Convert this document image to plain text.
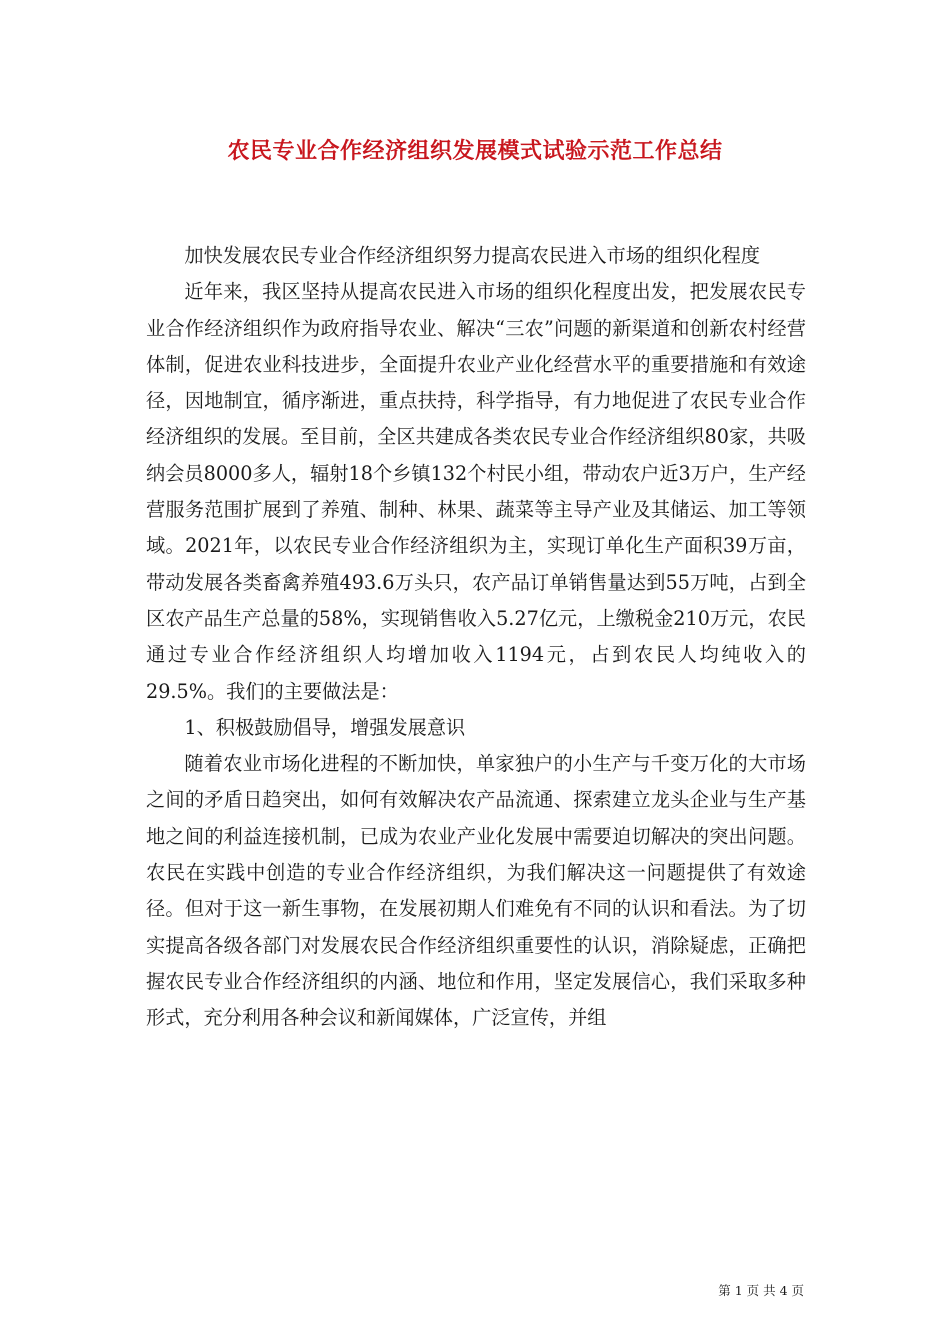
农民专业合作经济组织发展模式试验示范工作总结

加快发展农民专业合作经济组织努力提高农民进入市场的组织化程度

近年来，我区坚持从提高农民进入市场的组织化程度出发，把发展农民专业合作经济组织作为政府指导农业、解决“三农”问题的新渠道和创新农村经营体制，促进农业科技进步，全面提升农业产业化经营水平的重要措施和有效途径，因地制宜，循序渐进，重点扶持，科学指导，有力地促进了农民专业合作经济组织的发展。至目前，全区共建成各类农民专业合作经济组织80家，共吸纳会员8000多人，辐射18个乡镇132个村民小组，带动农户近3万户，生产经营服务范围扩展到了养殖、制种、林果、蔬菜等主导产业及其储运、加工等领域。2021年，以农民专业合作经济组织为主，实现订单化生产面积39万亩，带动发展各类畜禽养殖493.6万头只，农产品订单销售量达到55万吨，占到全区农产品生产总量的58%，实现销售收入5.27亿元，上缴税金210万元，农民通过专业合作经济组织人均增加收入1194元，占到农民人均纯收入的29.5%。我们的主要做法是：

1、积极鼓励倡导，增强发展意识

随着农业市场化进程的不断加快，单家独户的小生产与千变万化的大市场之间的矛盾日趋突出，如何有效解决农产品流通、探索建立龙头企业与生产基地之间的利益连接机制，已成为农业产业化发展中需要迫切解决的突出问题。农民在实践中创造的专业合作经济组织，为我们解决这一问题提供了有效途径。但对于这一新生事物，在发展初期人们难免有不同的认识和看法。为了切实提高各级各部门对发展农民合作经济组织重要性的认识，消除疑虑，正确把握农民专业合作经济组织的内涵、地位和作用，坚定发展信心，我们采取多种形式，充分利用各种会议和新闻媒体，广泛宣传，并组

第 1 页 共 4 页
